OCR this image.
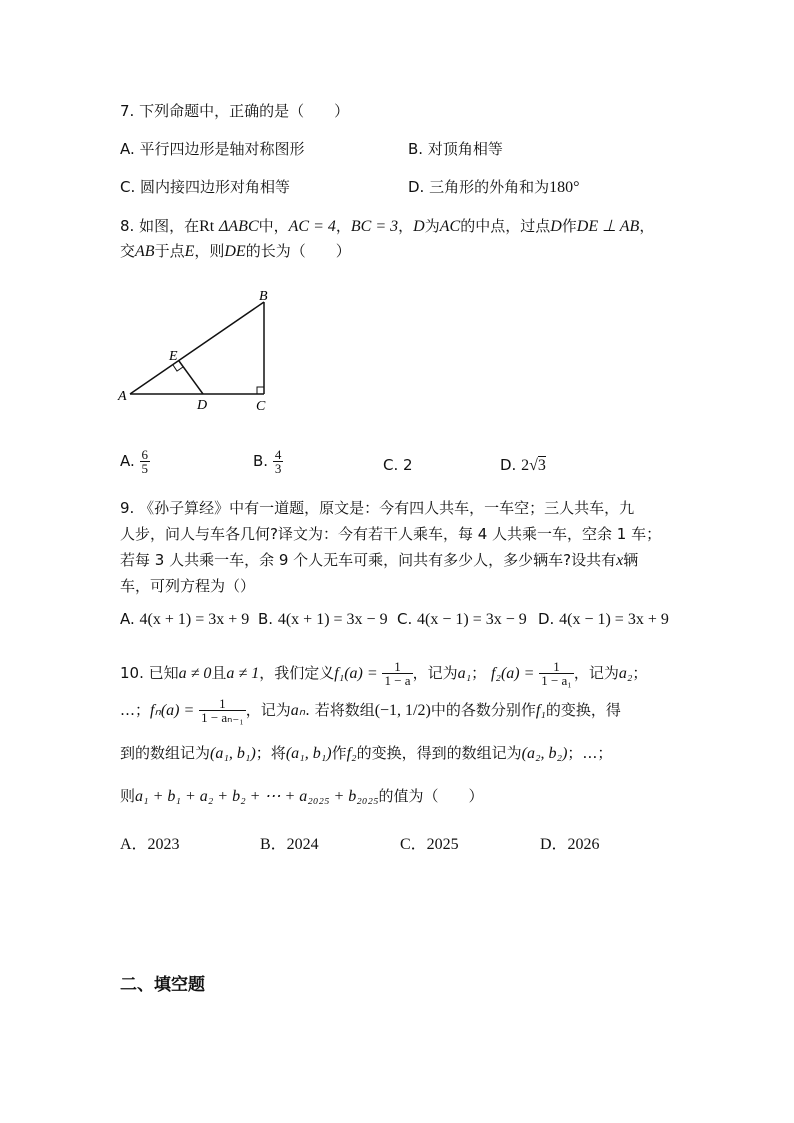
7. 下列命题中，正确的是（　　）
A. 平行四边形是轴对称图形	B. 对顶角相等
C. 圆内接四边形对角相等	D. 三角形的外角和为180°
8. 如图，在Rt ΔABC中，AC = 4，BC = 3，D为AC的中点，过点D作DE ⊥ AB，
交AB于点E，则DE的长为（　　）
B
E
A
D	C
A. $\frac{6}{5}$	B. $\frac{4}{3}$	C. 2	D. 2√3
9. 《孙子算经》中有一道题，原文是：今有四人共车，一车空；三人共车，九
人步，问人与车各几何?译文为：今有若干人乘车，每 4 人共乘一车，空余 1 车；
若每 3 人共乘一车，余 9 个人无车可乘，问共有多少人，多少辆车?设共有x辆
车，可列方程为（）
A. 4(x + 1) = 3x + 9 B. 4(x + 1) = 3x − 9 C. 4(x − 1) = 3x − 9 D. 4(x − 1) = 3x + 9
10. 已知a ≠ 0且a ≠ 1，我们定义$f_1(a) = \frac{1}{1 - a}$ ，记为a₁； $f_2(a) = \frac{1}{\text{1 − a₁}}$ ，记为a₂；
…；$f_n(a) = \frac{1}{\text{1 − aₙ₋₁}}$ ，记为aₙ. 若将数组(−1, 1/2)中的各数分别作f₁的变换，得
到的数组记为(a₁, b₁)；将(a₁, b₁)作f₂的变换，得到的数组记为(a₂, b₂)；…；
则a₁ + b₁ + a₂ + b₂ + ⋯ + a₂₀₂₅ + b₂₀₂₅的值为（　　）
A．2023	B．2024	C．2025	D．2026
二、填空题
